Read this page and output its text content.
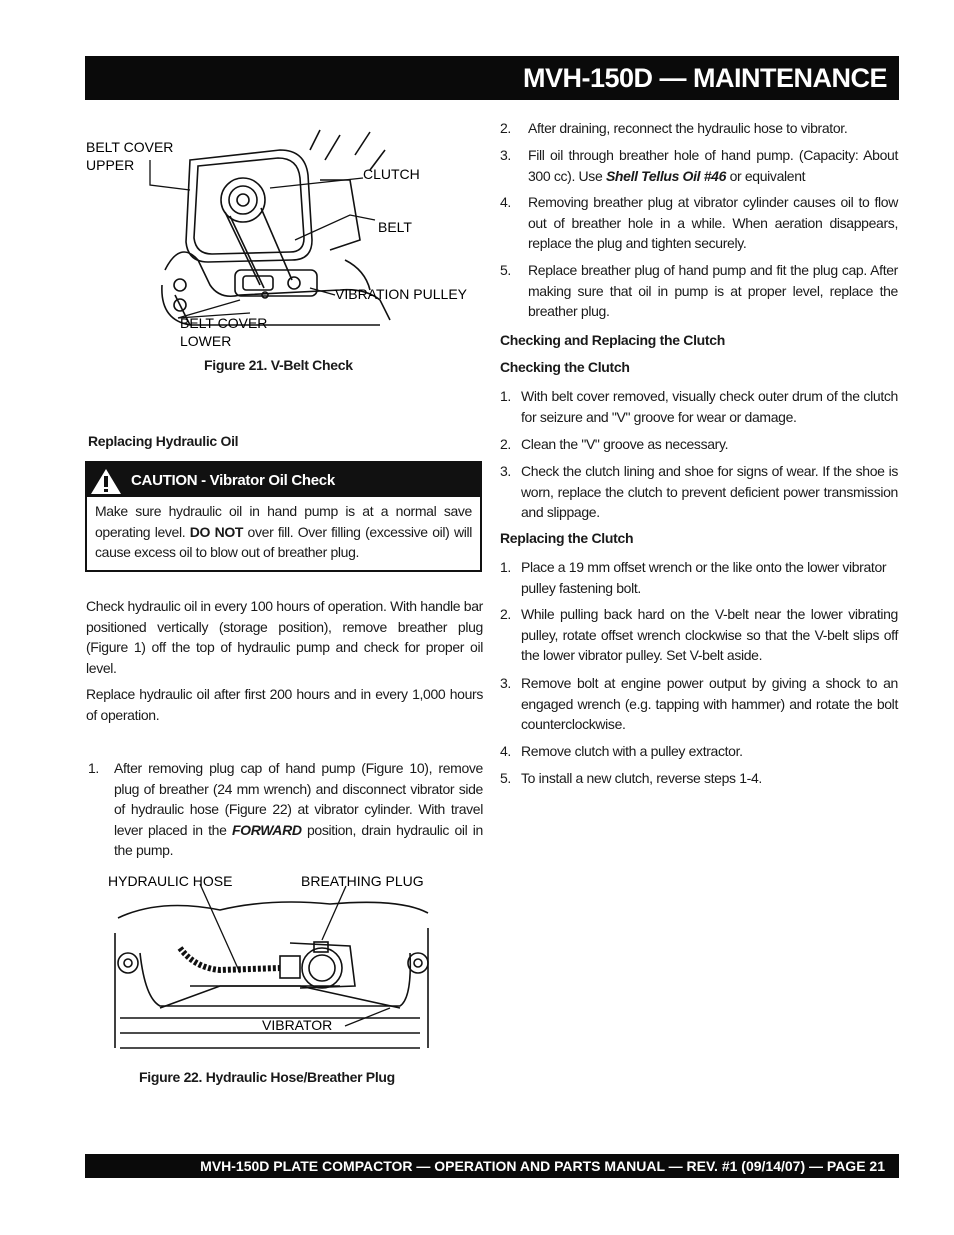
MVH-150D — MAINTENANCE
BELT COVER
UPPER
CLUTCH
BELT
VIBRATION PULLEY
BELT COVER
LOWER
Figure 21. V-Belt Check
Replacing Hydraulic Oil
CAUTION - Vibrator Oil Check
Make sure hydraulic oil in hand pump is at a normal save operating level. DO NOT over fill. Over filling (excessive oil) will cause excess oil to blow out of breather plug.
Check hydraulic oil in every 100 hours of operation. With handle bar positioned vertically (storage position), remove breather plug (Figure 1) off the top of hydraulic pump and check for proper oil level.
Replace hydraulic oil after first 200 hours and in every 1,000 hours of operation.
1. After removing plug cap of hand pump (Figure 10), remove plug of breather (24 mm wrench) and disconnect vibrator side of hydraulic hose (Figure 22) at vibrator cylinder. With travel lever placed in the FORWARD position, drain hydraulic oil in the pump.
HYDRAULIC HOSE	BREATHING PLUG
VIBRATOR
Figure 22. Hydraulic Hose/Breather Plug
2. After draining, reconnect the hydraulic hose to vibrator.
3. Fill oil through breather hole of hand pump. (Capacity: About 300 cc). Use Shell Tellus Oil #46 or equivalent
4. Removing breather plug at vibrator cylinder causes oil to flow out of breather hole in a while. When aeration disappears, replace the plug and tighten securely.
5. Replace breather plug of hand pump and fit the plug cap. After making sure that oil in pump is at proper level, replace the breather plug.
Checking and Replacing the Clutch
Checking the Clutch
1. With belt cover removed, visually check outer drum of the clutch for seizure and "V" groove for wear or damage.
2. Clean the "V" groove as necessary.
3. Check the clutch lining and shoe for signs of wear. If the shoe is worn, replace the clutch to prevent deficient power transmission and slippage.
Replacing the Clutch
1. Place a 19 mm offset wrench or the like onto the lower vibrator pulley fastening bolt.
2. While pulling back hard on the V-belt near the lower vibrating pulley, rotate offset wrench clockwise so that the V-belt slips off the lower vibrator pulley. Set V-belt aside.
3. Remove bolt at engine power output by giving a shock to an engaged wrench (e.g. tapping with hammer) and rotate the bolt counterclockwise.
4. Remove clutch with a pulley extractor.
5. To install a new clutch, reverse steps 1-4.
MVH-150D PLATE COMPACTOR — OPERATION AND PARTS MANUAL — REV. #1 (09/14/07) — PAGE 21
